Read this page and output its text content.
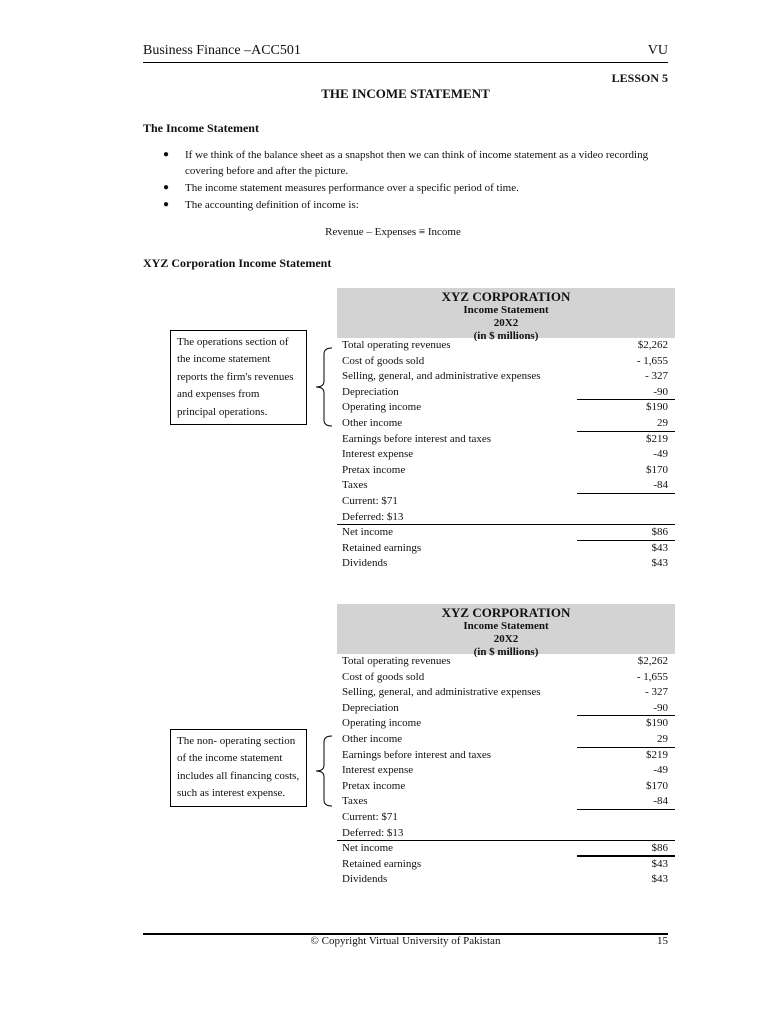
Business Finance –ACC501	VU
LESSON 5
THE INCOME STATEMENT
The Income Statement
● If we think of the balance sheet as a snapshot then we can think of income statement as a video recording covering before and after the picture.
● The income statement measures performance over a specific period of time.
● The accounting definition of income is:
Revenue – Expenses ≡ Income
XYZ Corporation Income Statement
XYZ CORPORATION
Income Statement
20X2
(in $ millions)
Total operating revenues	$2,262
Cost of goods sold	- 1,655
Selling, general, and administrative expenses	- 327
Depreciation	-90
Operating income	$190
Other income	29
Earnings before interest and taxes	$219
Interest expense	-49
Pretax income	$170
Taxes	-84
Current: $71
Deferred: $13
Net income	$86
Retained earnings	$43
Dividends	$43
The operations section of the income statement reports the firm's revenues and expenses from principal operations.
XYZ CORPORATION
Income Statement
20X2
(in $ millions)
Total operating revenues	$2,262
Cost of goods sold	- 1,655
Selling, general, and administrative expenses	- 327
Depreciation	-90
Operating income	$190
Other income	29
Earnings before interest and taxes	$219
Interest expense	-49
Pretax income	$170
Taxes	-84
Current: $71
Deferred: $13
Net income	$86
Retained earnings	$43
Dividends	$43
The non- operating section of the income statement includes all financing costs, such as interest expense.
© Copyright Virtual University of Pakistan	15
